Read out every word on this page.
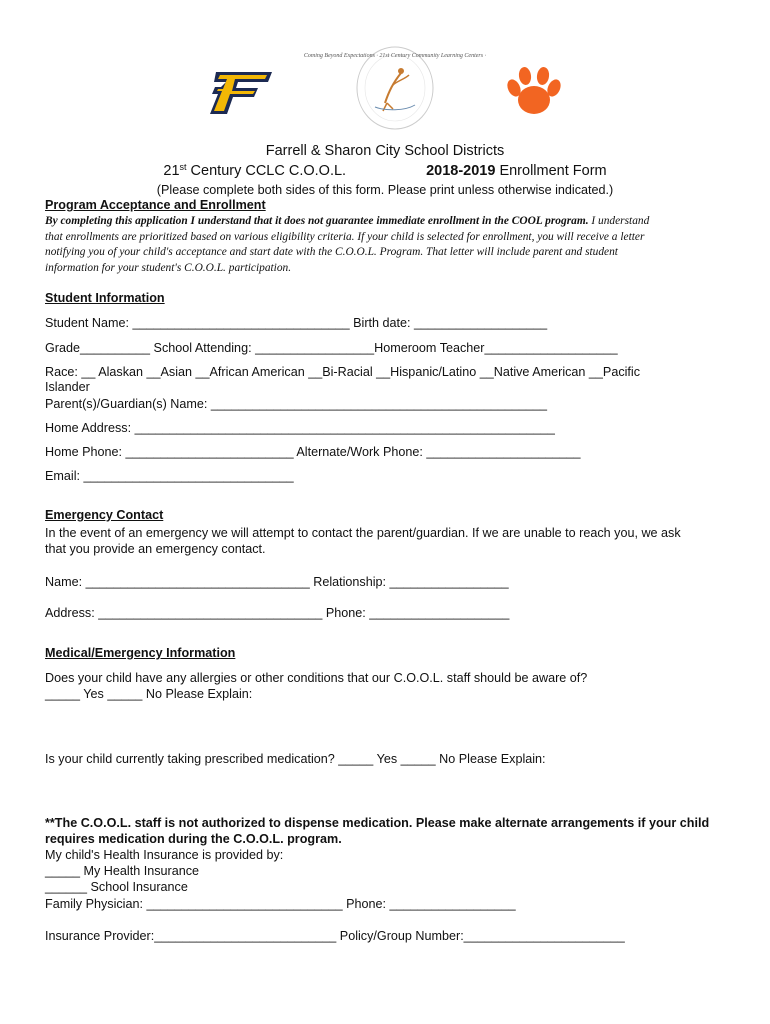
Coming Beyond Expectations · 21st Century Community Learning Centers ·
Farrell & Sharon City School Districts
21st Century CCLC C.O.O.L.	2018-2019 Enrollment Form
(Please complete both sides of this form. Please print unless otherwise indicated.)
Program Acceptance and Enrollment
By completing this application I understand that it does not guarantee immediate enrollment in the COOL program. I understand
that enrollments are prioritized based on various eligibility criteria. If your child is selected for enrollment, you will receive a letter
notifying you of your child's acceptance and start date with the C.O.O.L. Program. That letter will include parent and student
information for your student's C.O.O.L. participation.
Student Information
Student Name: _______________________________ Birth date: ___________________
Grade__________ School Attending: _________________Homeroom Teacher___________________
Race: __ Alaskan __Asian __African American __Bi-Racial __Hispanic/Latino __Native American __Pacific
Islander
Parent(s)/Guardian(s) Name: ________________________________________________
Home Address: ____________________________________________________________
Home Phone: ________________________ Alternate/Work Phone: ______________________
Email: ______________________________
Emergency Contact
In the event of an emergency we will attempt to contact the parent/guardian. If we are unable to reach you, we ask
that you provide an emergency contact.
Name: ________________________________ Relationship: _________________
Address: ________________________________ Phone: ____________________
Medical/Emergency Information
Does your child have any allergies or other conditions that our C.O.O.L. staff should be aware of?
_____ Yes _____ No Please Explain:
Is your child currently taking prescribed medication? _____ Yes _____ No Please Explain:
**The C.O.O.L. staff is not authorized to dispense medication. Please make alternate arrangements if your child
requires medication during the C.O.O.L. program.
My child's Health Insurance is provided by:
_____ My Health Insurance
______ School Insurance
Family Physician: ____________________________ Phone: __________________
Insurance Provider:__________________________ Policy/Group Number:_______________________
